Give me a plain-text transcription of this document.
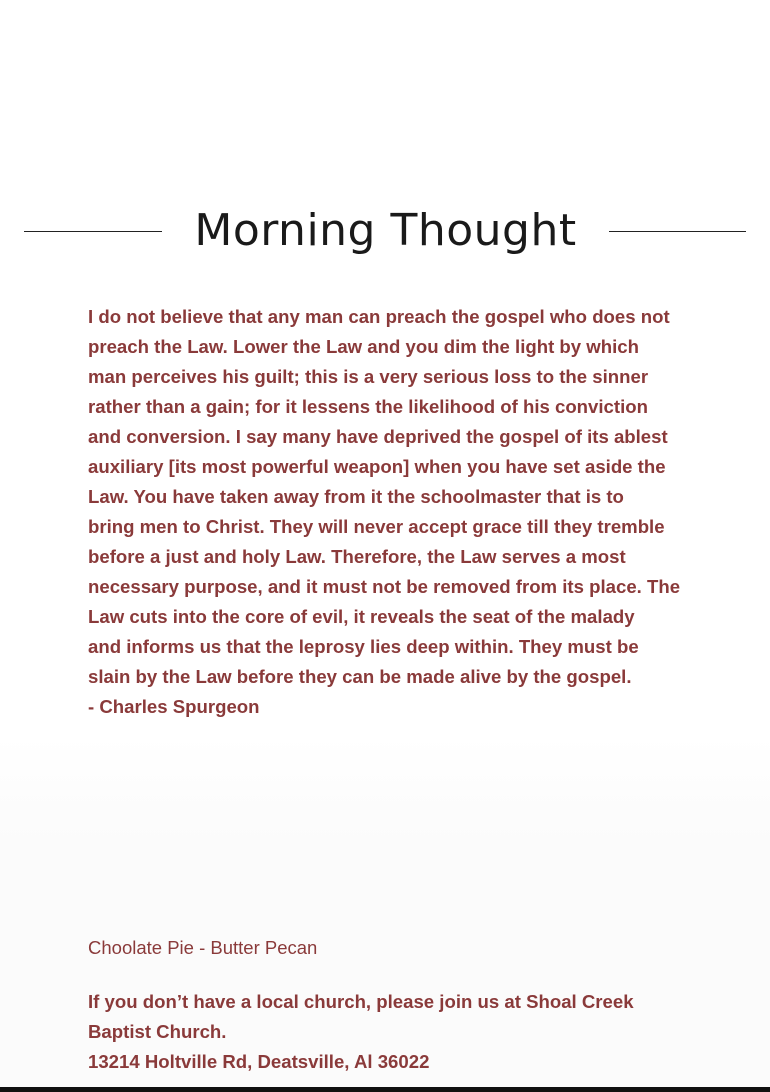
Morning Thought
I do not believe that any man can preach the gospel who does not
preach the Law. Lower the Law and you dim the light by which
man perceives his guilt; this is a very serious loss to the sinner
rather than a gain; for it lessens the likelihood of his conviction
and conversion. I say many have deprived the gospel of its ablest
auxiliary [its most powerful weapon] when you have set aside the
Law. You have taken away from it the schoolmaster that is to
bring men to Christ. They will never accept grace till they tremble
before a just and holy Law. Therefore, the Law serves a most
necessary purpose, and it must not be removed from its place. The
Law cuts into the core of evil, it reveals the seat of the malady
and informs us that the leprosy lies deep within. They must be
slain by the Law before they can be made alive by the gospel.
- Charles Spurgeon
Choolate Pie - Butter Pecan
If you don’t have a local church, please join us at Shoal Creek
Baptist Church.
13214 Holtville Rd, Deatsville, Al 36022
